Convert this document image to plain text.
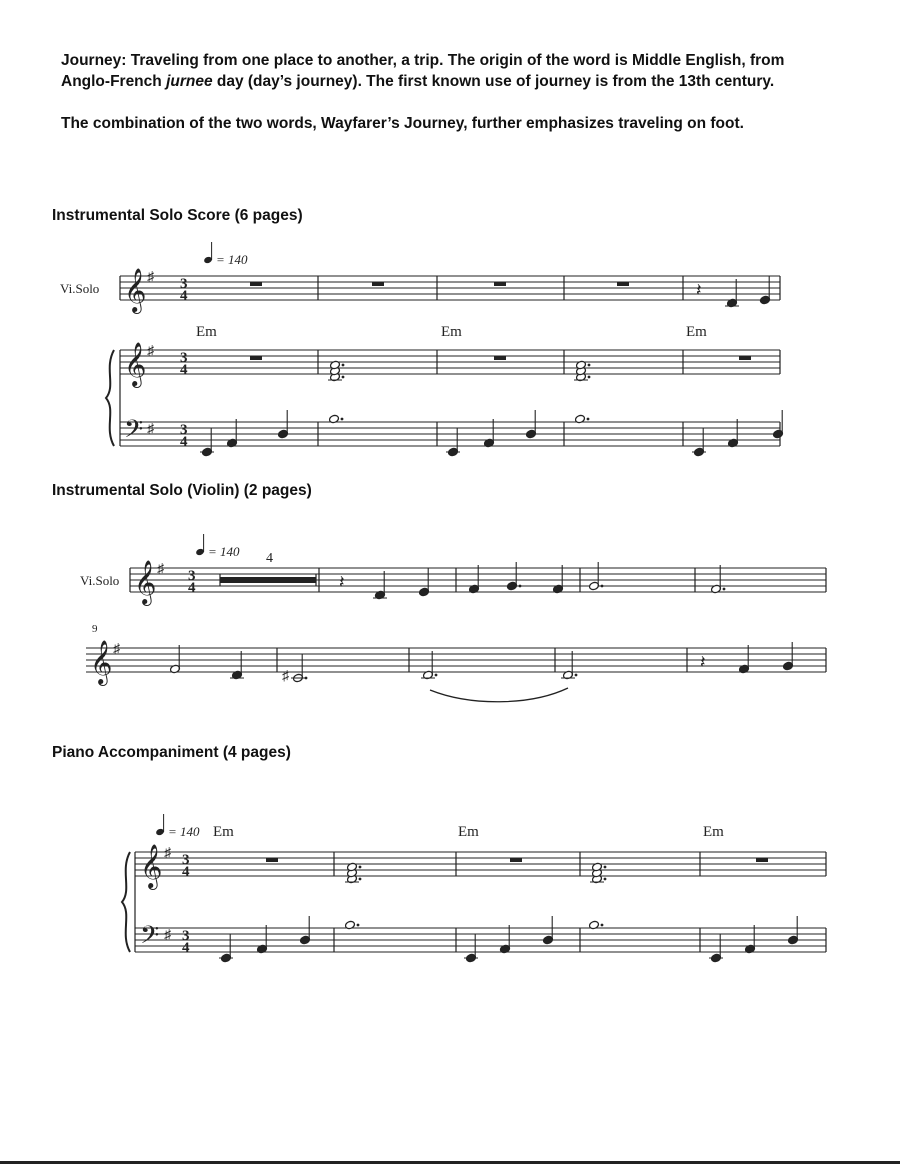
Journey: Traveling from one place to another, a trip. The origin of the word is Middle English, from Anglo-French jurnee day (day’s journey). The first known use of journey is from the 13th century.

The combination of the two words, Wayfarer’s Journey, further emphasizes traveling on foot.

Instrumental Solo Score (6 pages)
= 140
Vi.Solo 𝄞
𝄞
𝄢
♯
♯
♯
3
4
3
4
3
4
𝄽
Em	Em	Em
Instrumental Solo (Violin) (2 pages)
= 140
Vi.Solo 𝄞 ♯ 3
4
𝄞 ♯
4
𝄽
9
♯
𝄽
Piano Accompaniment (4 pages)
= 140 Em	Em	Em
𝄞
𝄢
♯
♯
3
4
3
4
